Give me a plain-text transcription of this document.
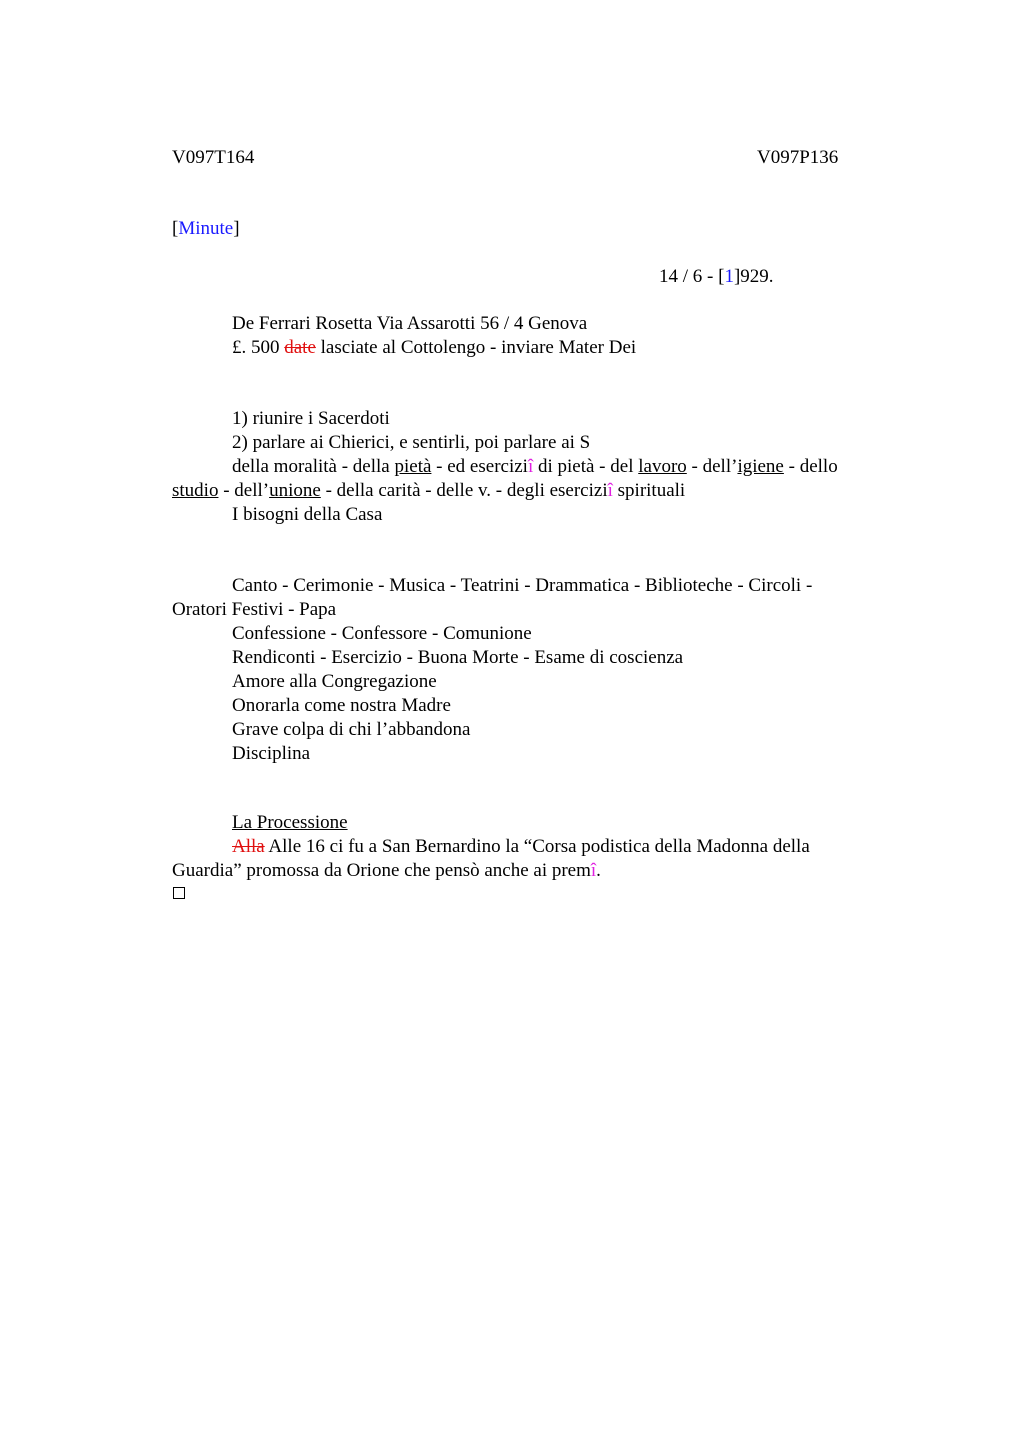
V097T164	V097P136
[Minute]
14 / 6 - [1]929.
De Ferrari Rosetta Via Assarotti 56 / 4 Genova
£. 500 date lasciate al Cottolengo - inviare Mater Dei
1) riunire i Sacerdoti
2) parlare ai Chierici, e sentirli, poi parlare ai S
della moralità - della pietà - ed eserciziî di pietà - del lavoro - dell’igiene - dello
studio - dell’unione - della carità - delle v. - degli eserciziî spirituali
I bisogni della Casa
Canto - Cerimonie - Musica - Teatrini - Drammatica - Biblioteche - Circoli -
Oratori Festivi - Papa
Confessione - Confessore - Comunione
Rendiconti - Esercizio - Buona Morte - Esame di coscienza
Amore alla Congregazione
Onorarla come nostra Madre
Grave colpa di chi l’abbandona
Disciplina
La Processione
Alla Alle 16 ci fu a San Bernardino la “Corsa podistica della Madonna della
Guardia” promossa da Orione che pensò anche ai premî.
